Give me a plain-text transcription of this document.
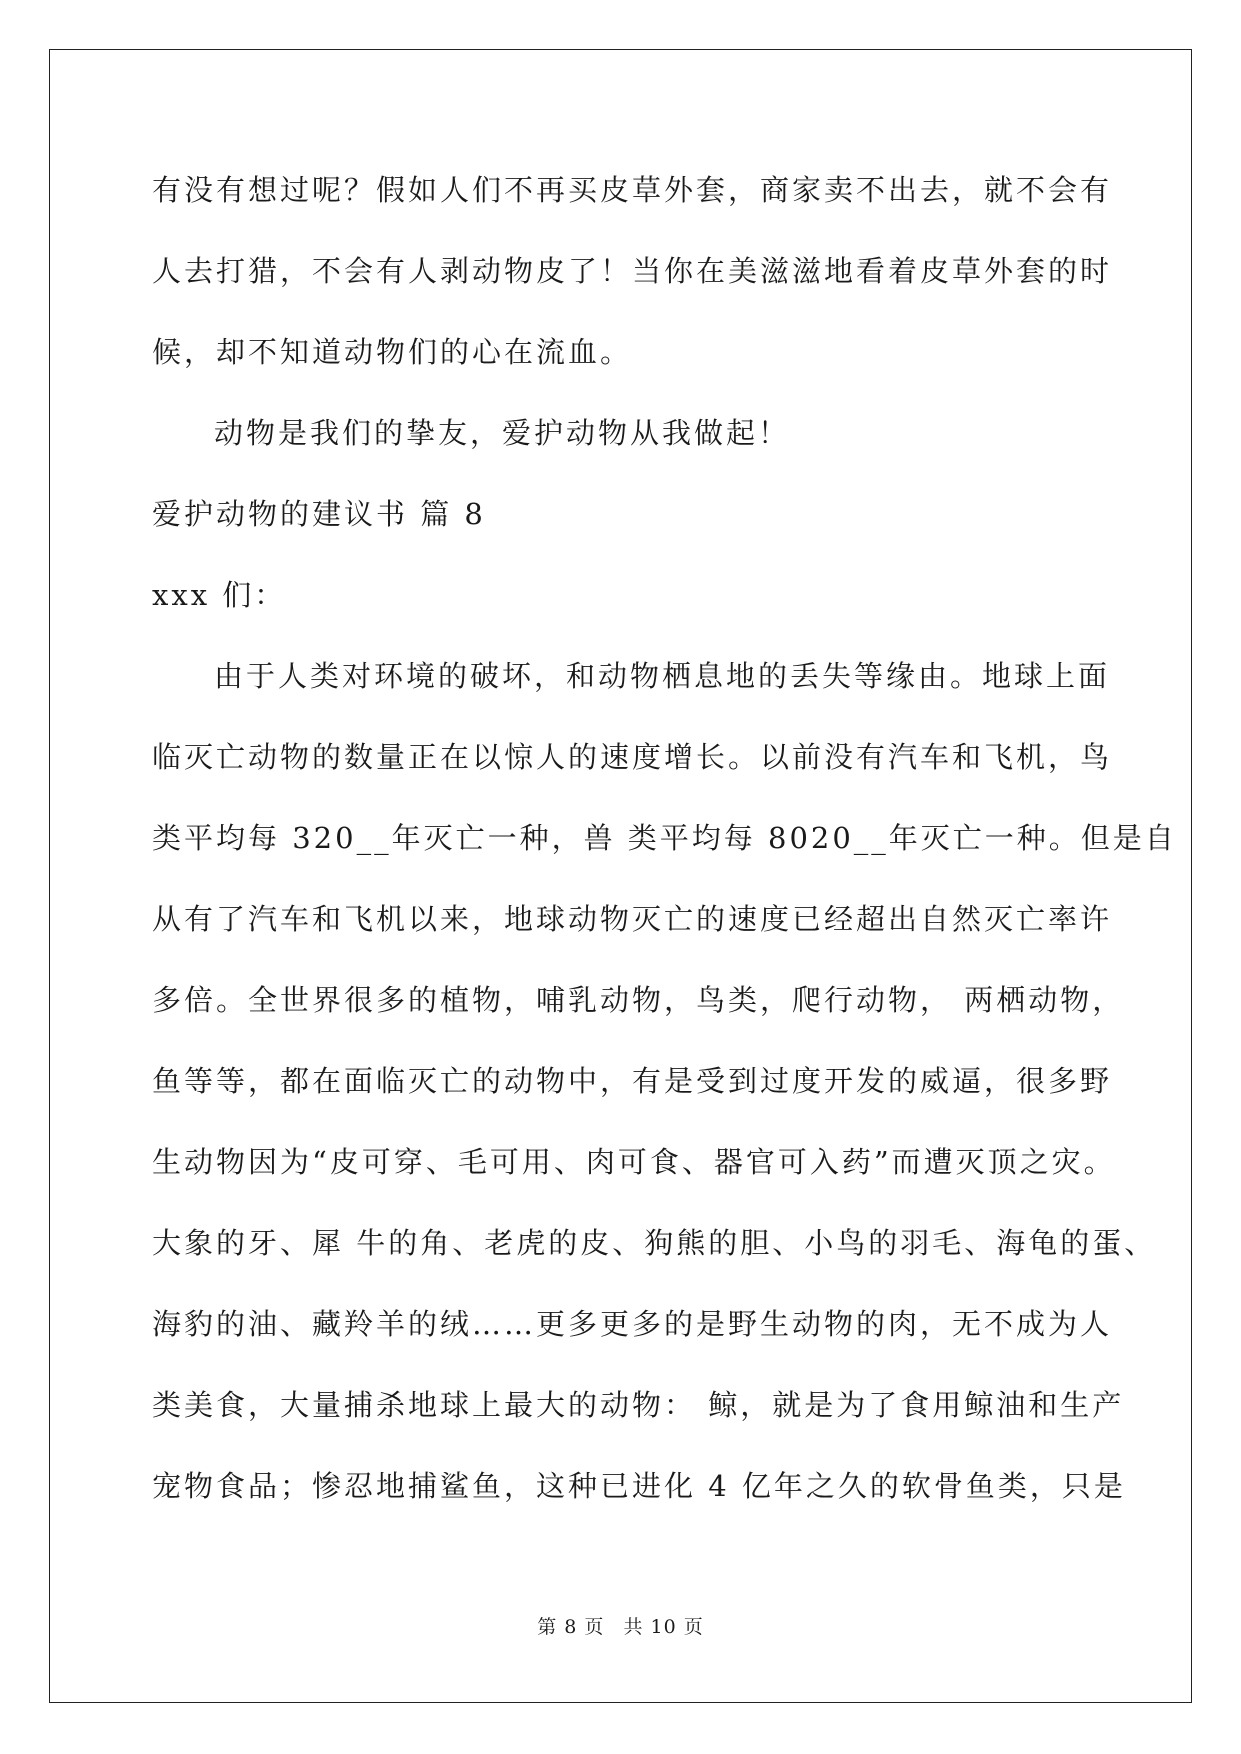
有没有想过呢？假如人们不再买皮草外套，商家卖不出去，就不会有
人去打猎，不会有人剥动物皮了！当你在美滋滋地看着皮草外套的时
候，却不知道动物们的心在流血。
动物是我们的挚友，爱护动物从我做起！
爱护动物的建议书 篇 8
xxx 们：
由于人类对环境的破坏，和动物栖息地的丢失等缘由。地球上面
临灭亡动物的数量正在以惊人的速度增长。以前没有汽车和飞机，鸟
类平均每 320__年灭亡一种，兽 类平均每 8020__年灭亡一种。但是自
从有了汽车和飞机以来，地球动物灭亡的速度已经超出自然灭亡率许
多倍。全世界很多的植物，哺乳动物，鸟类，爬行动物， 两栖动物，
鱼等等，都在面临灭亡的动物中，有是受到过度开发的威逼，很多野
生动物因为“皮可穿、毛可用、肉可食、器官可入药”而遭灭顶之灾。
大象的牙、犀 牛的角、老虎的皮、狗熊的胆、小鸟的羽毛、海龟的蛋、
海豹的油、藏羚羊的绒……更多更多的是野生动物的肉，无不成为人
类美食，大量捕杀地球上最大的动物： 鲸，就是为了食用鲸油和生产
宠物食品；惨忍地捕鲨鱼，这种已进化 4 亿年之久的软骨鱼类，只是
第 8 页 共 10 页
